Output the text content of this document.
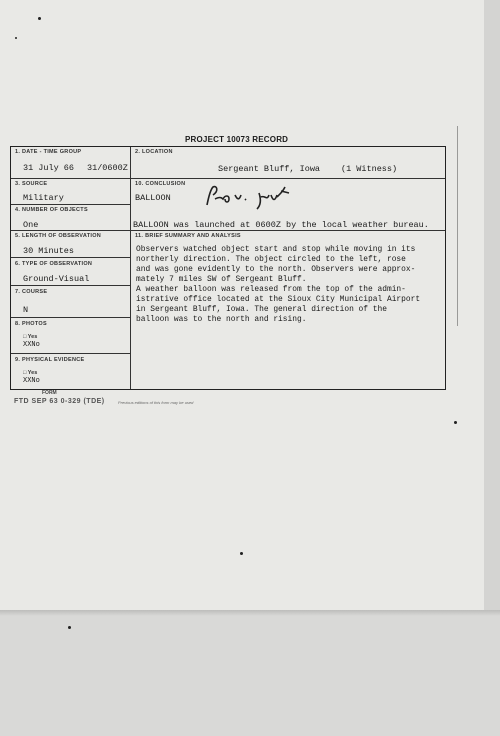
PROJECT 10073 RECORD
1. DATE - TIME GROUP
31 July 66 31/0600Z
2. LOCATION
Sergeant Bluff, Iowa (1 Witness)
3. SOURCE
Military
10. CONCLUSION
BALLOON
4. NUMBER OF OBJECTS
One	BALLOON was launched at 0600Z by the local weather bureau.
5. LENGTH OF OBSERVATION
30 Minutes
11. BRIEF SUMMARY AND ANALYSIS

Observers watched object start and stop while moving in its

northerly direction. The object circled to the left, rose

and was gone evidently to the north. Observers were approx-

mately 7 miles SW of Sergeant Bluff.

A weather balloon was released from the top of the admin-

istrative office located at the Sioux City Municipal Airport

in Sergeant Bluff, Iowa. The general direction of the

balloon was to the north and rising.

6. TYPE OF OBSERVATION
Ground-Visual
7. COURSE
N
8. PHOTOS
□ Yes
XXNo
9. PHYSICAL EVIDENCE
□ Yes
XXNo
FORM
FTD SEP 63 0-329 (TDE)	Previous editions of this form may be used
